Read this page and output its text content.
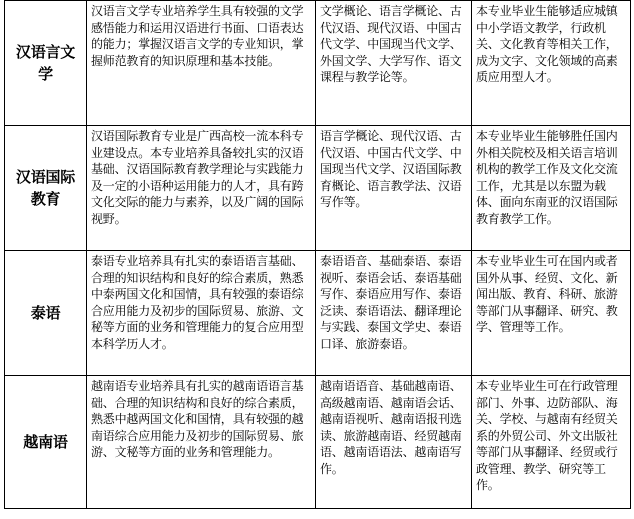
汉语言文学	汉语言文学专业培养学生具有较强的文学感悟能力和运用汉语进行书面、口语表达的能力；掌握汉语言文学的专业知识，掌握师范教育的知识原理和基本技能。	文学概论、语言学概论、古代汉语、现代汉语、中国古代文学、中国现当代文学、外国文学、大学写作、语文课程与教学论等。	本专业毕业生能够适应城镇中小学语文教学，行政机关、文化教育等相关工作，成为文字、文化领域的高素质应用型人才。
汉语国际教育	汉语国际教育专业是广西高校一流本科专业建设点。本专业培养具备较扎实的汉语基础、汉语国际教育教学理论与实践能力及一定的小语种运用能力的人才，具有跨文化交际的能力与素养，以及广阔的国际视野。	语言学概论、现代汉语、古代汉语、中国古代文学、中国现当代文学、汉语国际教育概论、语言教学法、汉语写作等。	本专业毕业生能够胜任国内外相关院校及相关语言培训机构的教学工作及文化交流工作，尤其是以东盟为载体、面向东南亚的汉语国际教育教学工作。
泰语	泰语专业培养具有扎实的泰语语言基础、合理的知识结构和良好的综合素质，熟悉中泰两国文化和国情，具有较强的泰语综合应用能力及初步的国际贸易、旅游、文秘等方面的业务和管理能力的复合应用型本科学历人才。	泰语语音、基础泰语、泰语视听、泰语会话、泰语基础写作、泰语应用写作、泰语泛读、泰语语法、翻译理论与实践、泰国文学史、泰语口译、旅游泰语。	本专业毕业生可在国内或者国外从事、经贸、文化、新闻出版、教育、科研、旅游等部门从事翻译、研究、教学、管理等工作。
越南语	越南语专业培养具有扎实的越南语语言基础、合理的知识结构和良好的综合素质，熟悉中越两国文化和国情，具有较强的越南语综合应用能力及初步的国际贸易、旅游、文秘等方面的业务和管理能力。	越南语语音、基础越南语、高级越南语、越南语会话、越南语视听、越南语报刊选读、旅游越南语、经贸越南语、越南语语法、越南语写作。	本专业毕业生可在行政管理部门、外事、边防部队、海关、学校、与越南有经贸关系的外贸公司、外文出版社等部门从事翻译、经贸或行政管理、教学、研究等工作。
